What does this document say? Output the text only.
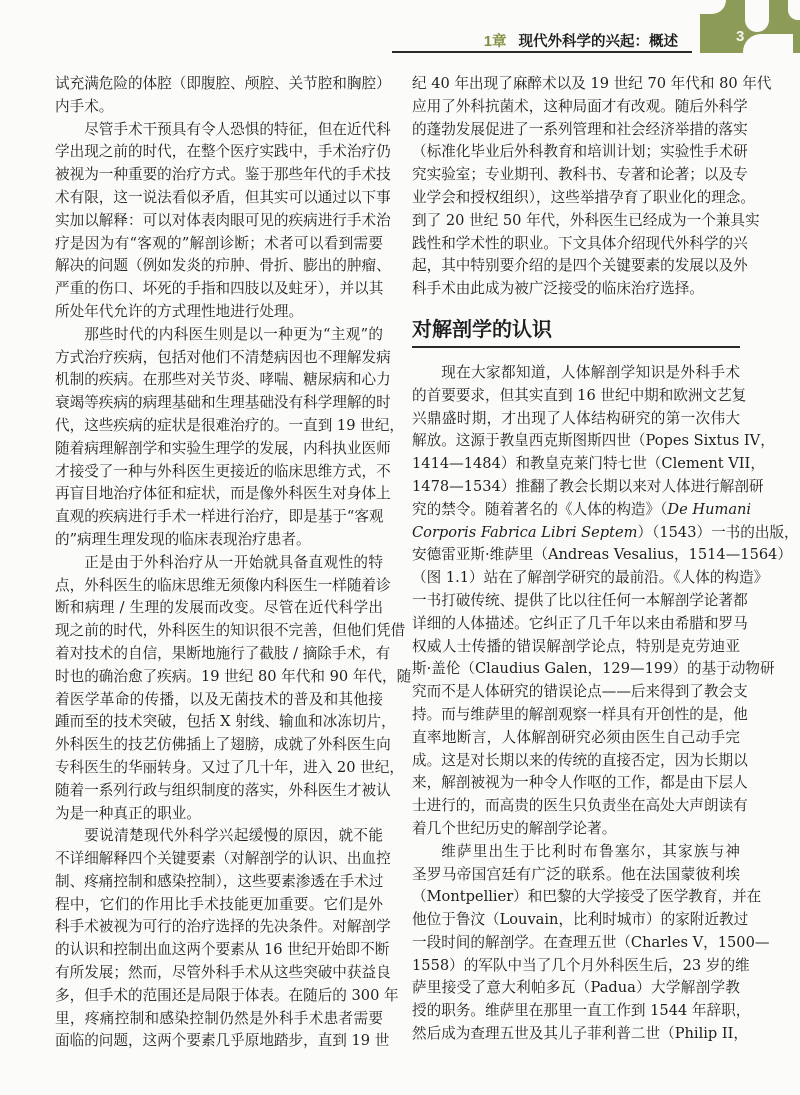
1章 现代外科学的兴起：概述	3
试充满危险的体腔（即腹腔、颅腔、关节腔和胸腔）
内手术。
尽管手术干预具有令人恐惧的特征，但在近代科
学出现之前的时代，在整个医疗实践中，手术治疗仍
被视为一种重要的治疗方式。鉴于那些年代的手术技
术有限，这一说法看似矛盾，但其实可以通过以下事
实加以解释：可以对体表肉眼可见的疾病进行手术治
疗是因为有“客观的”解剖诊断；术者可以看到需要
解决的问题（例如发炎的疖肿、骨折、膨出的肿瘤、
严重的伤口、坏死的手指和四肢以及蛀牙），并以其
所处年代允许的方式理性地进行处理。
那些时代的内科医生则是以一种更为“主观”的
方式治疗疾病，包括对他们不清楚病因也不理解发病
机制的疾病。在那些对关节炎、哮喘、糖尿病和心力
衰竭等疾病的病理基础和生理基础没有科学理解的时
代，这些疾病的症状是很难治疗的。一直到 19 世纪，
随着病理解剖学和实验生理学的发展，内科执业医师
才接受了一种与外科医生更接近的临床思维方式，不
再盲目地治疗体征和症状，而是像外科医生对身体上
直观的疾病进行手术一样进行治疗，即是基于“客观
的”病理生理发现的临床表现治疗患者。
正是由于外科治疗从一开始就具备直观性的特
点，外科医生的临床思维无须像内科医生一样随着诊
断和病理 / 生理的发展而改变。尽管在近代科学出
现之前的时代，外科医生的知识很不完善，但他们凭借
着对技术的自信，果断地施行了截肢 / 摘除手术，有
时也的确治愈了疾病。19 世纪 80 年代和 90 年代，随
着医学革命的传播，以及无菌技术的普及和其他接
踵而至的技术突破，包括 X 射线、输血和冰冻切片，
外科医生的技艺仿佛插上了翅膀，成就了外科医生向
专科医生的华丽转身。又过了几十年，进入 20 世纪，
随着一系列行政与组织制度的落实，外科医生才被认
为是一种真正的职业。
要说清楚现代外科学兴起缓慢的原因，就不能
不详细解释四个关键要素（对解剖学的认识、出血控
制、疼痛控制和感染控制），这些要素渗透在手术过
程中，它们的作用比手术技能更加重要。它们是外
科手术被视为可行的治疗选择的先决条件。对解剖学
的认识和控制出血这两个要素从 16 世纪开始即不断
有所发展；然而，尽管外科手术从这些突破中获益良
多，但手术的范围还是局限于体表。在随后的 300 年
里，疼痛控制和感染控制仍然是外科手术患者需要
面临的问题，这两个要素几乎原地踏步，直到 19 世
纪 40 年出现了麻醉术以及 19 世纪 70 年代和 80 年代
应用了外科抗菌术，这种局面才有改观。随后外科学
的蓬勃发展促进了一系列管理和社会经济举措的落实
（标准化毕业后外科教育和培训计划；实验性手术研
究实验室；专业期刊、教科书、专著和论著；以及专
业学会和授权组织），这些举措孕育了职业化的理念。
到了 20 世纪 50 年代，外科医生已经成为一个兼具实
践性和学术性的职业。下文具体介绍现代外科学的兴
起，其中特别要介绍的是四个关键要素的发展以及外
科手术由此成为被广泛接受的临床治疗选择。
对解剖学的认识
现在大家都知道，人体解剖学知识是外科手术
的首要要求，但其实直到 16 世纪中期和欧洲文艺复
兴鼎盛时期，才出现了人体结构研究的第一次伟大
解放。这源于教皇西克斯图斯四世（Popes Sixtus IV，
1414—1484）和教皇克莱门特七世（Clement VII，
1478—1534）推翻了教会长期以来对人体进行解剖研
究的禁令。随着著名的《人体的构造》（De Humani
Corporis Fabrica Libri Septem）（1543）一书的出版，
安德雷亚斯·维萨里（Andreas Vesalius，1514—1564）
（图 1.1）站在了解剖学研究的最前沿。《人体的构造》
一书打破传统、提供了比以往任何一本解剖学论著都
详细的人体描述。它纠正了几千年以来由希腊和罗马
权威人士传播的错误解剖学论点，特别是克劳迪亚
斯·盖伦（Claudius Galen，129—199）的基于动物研
究而不是人体研究的错误论点——后来得到了教会支
持。而与维萨里的解剖观察一样具有开创性的是，他
直率地断言，人体解剖研究必须由医生自己动手完
成。这是对长期以来的传统的直接否定，因为长期以
来，解剖被视为一种令人作呕的工作，都是由下层人
士进行的，而高贵的医生只负责坐在高处大声朗读有
着几个世纪历史的解剖学论著。
维萨里出生于比利时布鲁塞尔，其家族与神
圣罗马帝国宫廷有广泛的联系。他在法国蒙彼利埃
（Montpellier）和巴黎的大学接受了医学教育，并在
他位于鲁汶（Louvain，比利时城市）的家附近教过
一段时间的解剖学。在查理五世（Charles V，1500—
1558）的军队中当了几个月外科医生后，23 岁的维
萨里接受了意大利帕多瓦（Padua）大学解剖学教
授的职务。维萨里在那里一直工作到 1544 年辞职，
然后成为查理五世及其儿子菲利普二世（Philip II，
